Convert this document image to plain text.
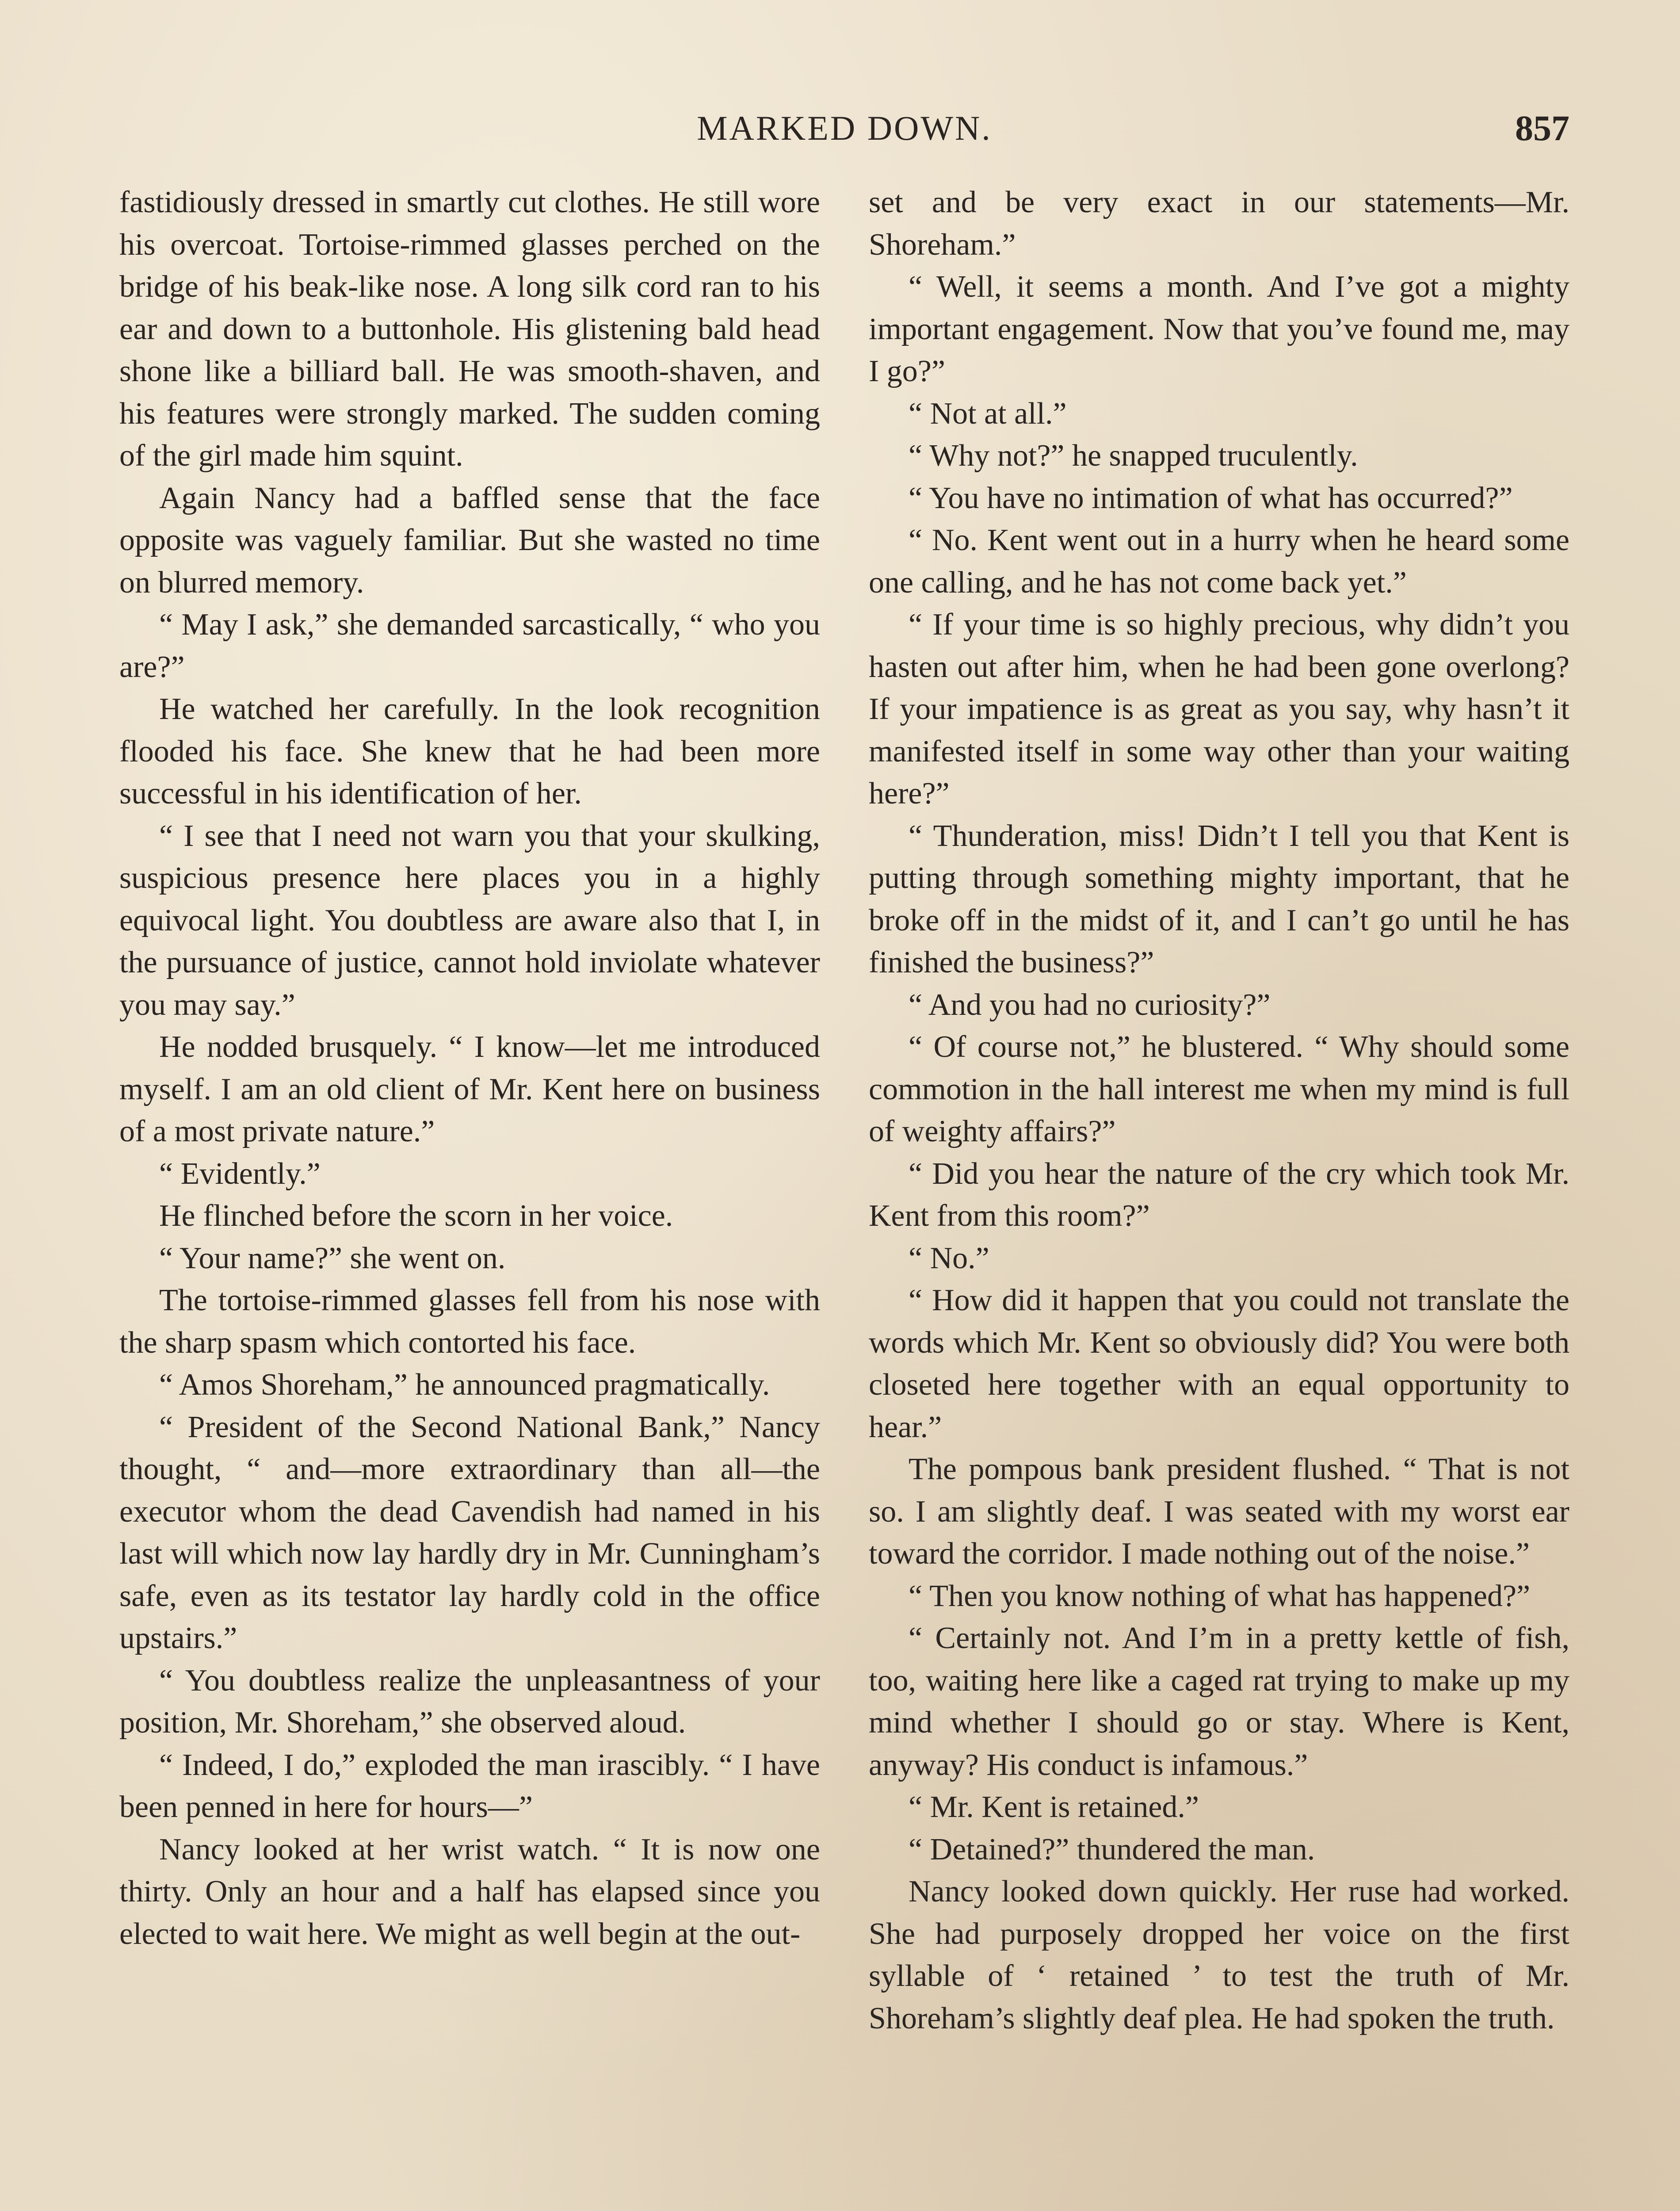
MARKED DOWN.	857

fastidiously dressed in smartly cut clothes. He still wore his overcoat. Tortoise-rimmed glasses perched on the bridge of his beak-like nose. A long silk cord ran to his ear and down to a buttonhole. His glistening bald head shone like a billiard ball. He was smooth-shaven, and his features were strongly marked. The sudden coming of the girl made him squint.

Again Nancy had a baffled sense that the face opposite was vaguely familiar. But she wasted no time on blurred memory.

“ May I ask,” she demanded sarcastically, “ who you are?”

He watched her carefully. In the look recognition flooded his face. She knew that he had been more successful in his identification of her.

“ I see that I need not warn you that your skulking, suspicious presence here places you in a highly equivocal light. You doubtless are aware also that I, in the pursuance of justice, cannot hold inviolate whatever you may say.”

He nodded brusquely. “ I know—let me introduced myself. I am an old client of Mr. Kent here on business of a most private nature.”

“ Evidently.”

He flinched before the scorn in her voice.

“ Your name?” she went on.

The tortoise-rimmed glasses fell from his nose with the sharp spasm which contorted his face.

“ Amos Shoreham,” he announced pragmatically.

“ President of the Second National Bank,” Nancy thought, “ and—more extraordinary than all—the executor whom the dead Cavendish had named in his last will which now lay hardly dry in Mr. Cunningham’s safe, even as its testator lay hardly cold in the office upstairs.”

“ You doubtless realize the unpleasantness of your position, Mr. Shoreham,” she observed aloud.

“ Indeed, I do,” exploded the man irascibly. “ I have been penned in here for hours—”

Nancy looked at her wrist watch. “ It is now one thirty. Only an hour and a half has elapsed since you elected to wait here. We might as well begin at the out-

set and be very exact in our statements—Mr. Shoreham.”

“ Well, it seems a month. And I’ve got a mighty important engagement. Now that you’ve found me, may I go?”

“ Not at all.”

“ Why not?” he snapped truculently.

“ You have no intimation of what has occurred?”

“ No. Kent went out in a hurry when he heard some one calling, and he has not come back yet.”

“ If your time is so highly precious, why didn’t you hasten out after him, when he had been gone overlong? If your impatience is as great as you say, why hasn’t it manifested itself in some way other than your waiting here?”

“ Thunderation, miss! Didn’t I tell you that Kent is putting through something mighty important, that he broke off in the midst of it, and I can’t go until he has finished the business?”

“ And you had no curiosity?”

“ Of course not,” he blustered. “ Why should some commotion in the hall interest me when my mind is full of weighty affairs?”

“ Did you hear the nature of the cry which took Mr. Kent from this room?”

“ No.”

“ How did it happen that you could not translate the words which Mr. Kent so obviously did? You were both closeted here together with an equal opportunity to hear.”

The pompous bank president flushed. “ That is not so. I am slightly deaf. I was seated with my worst ear toward the corridor. I made nothing out of the noise.”

“ Then you know nothing of what has happened?”

“ Certainly not. And I’m in a pretty kettle of fish, too, waiting here like a caged rat trying to make up my mind whether I should go or stay. Where is Kent, anyway? His conduct is infamous.”

“ Mr. Kent is retained.”

“ Detained?” thundered the man.

Nancy looked down quickly. Her ruse had worked. She had purposely dropped her voice on the first syllable of ‘ retained ’ to test the truth of Mr. Shoreham’s slightly deaf plea. He had spoken the truth.
